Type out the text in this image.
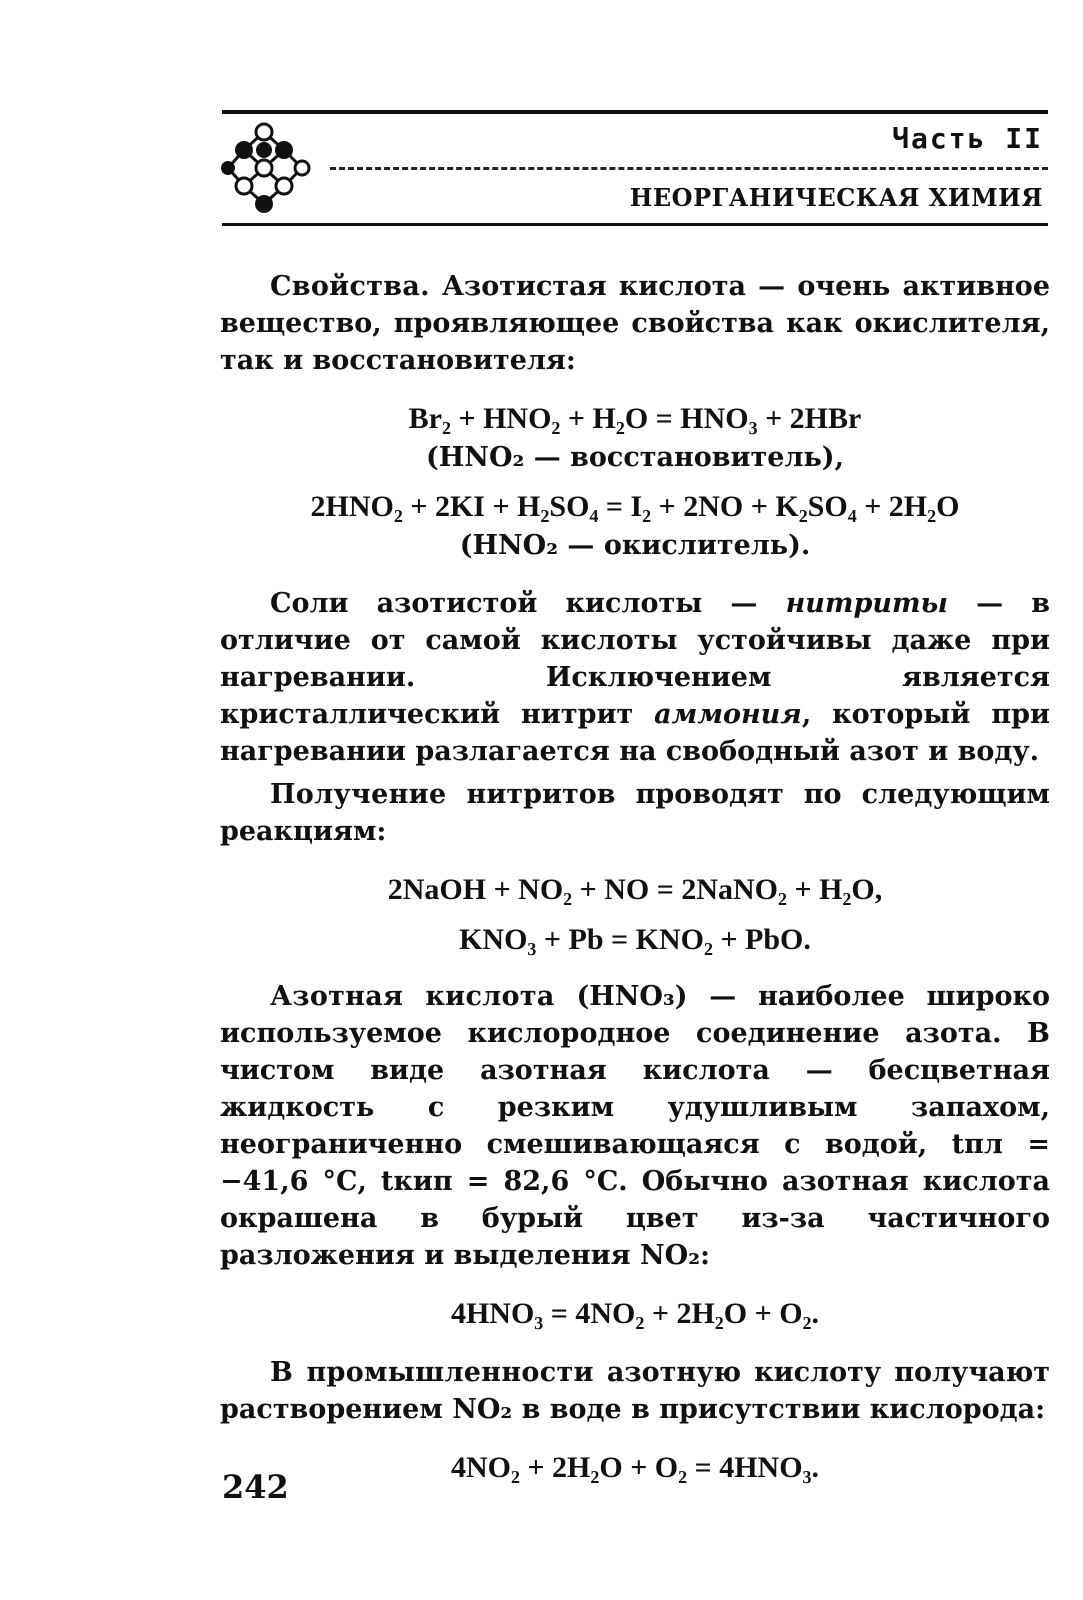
Часть II
НЕОРГАНИЧЕСКАЯ ХИМИЯ

Свойства. Азотистая кислота — очень активное вещество, проявляющее свойства как окислителя, так и восстановителя:

Br₂ + HNO₂ + H₂O = HNO₃ + 2HBr
(HNO₂ — восстановитель),
2HNO₂ + 2KI + H₂SO₄ = I₂ + 2NO + K₂SO₄ + 2H₂O
(HNO₂ — окислитель).

Соли азотистой кислоты — нитриты — в отличие от самой кислоты устойчивы даже при нагревании. Исключением является кристаллический нитрит аммония, который при нагревании разлагается на свободный азот и воду.

Получение нитритов проводят по следующим реакциям:

2NaOH + NO₂ + NO = 2NaNO₂ + H₂O,
KNO₃ + Pb = KNO₂ + PbO.

Азотная кислота (HNO₃) — наиболее широко используемое кислородное соединение азота. В чистом виде азотная кислота — бесцветная жидкость с резким удушливым запахом, неограниченно смешивающаяся с водой, tпл = −41,6 °С, tкип = 82,6 °С. Обычно азотная кислота окрашена в бурый цвет из-за частичного разложения и выделения NO₂:

4HNO₃ = 4NO₂ + 2H₂O + O₂.

В промышленности азотную кислоту получают растворением NO₂ в воде в присутствии кислорода:

4NO₂ + 2H₂O + O₂ = 4HNO₃.
242
